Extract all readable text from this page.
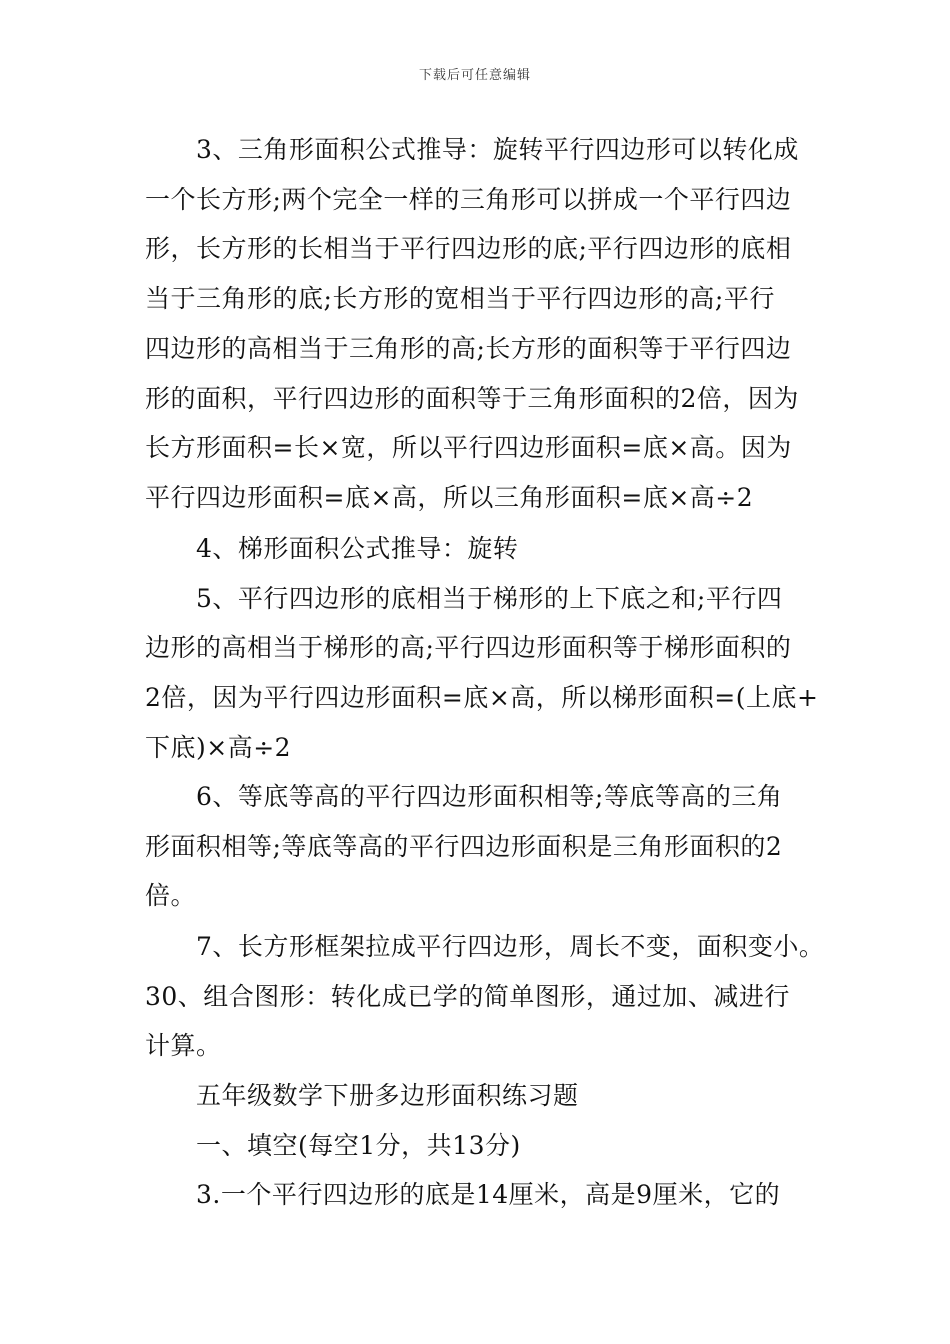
下载后可任意编辑
3、三角形面积公式推导：旋转平行四边形可以转化成
一个长方形;两个完全一样的三角形可以拼成一个平行四边
形，长方形的长相当于平行四边形的底;平行四边形的底相
当于三角形的底;长方形的宽相当于平行四边形的高;平行
四边形的高相当于三角形的高;长方形的面积等于平行四边
形的面积，平行四边形的面积等于三角形面积的2倍，因为
长方形面积=长×宽，所以平行四边形面积=底×高。因为
平行四边形面积=底×高，所以三角形面积=底×高÷2
4、梯形面积公式推导：旋转
5、平行四边形的底相当于梯形的上下底之和;平行四
边形的高相当于梯形的高;平行四边形面积等于梯形面积的
2倍，因为平行四边形面积=底×高，所以梯形面积=(上底+
下底)×高÷2
6、等底等高的平行四边形面积相等;等底等高的三角
形面积相等;等底等高的平行四边形面积是三角形面积的2
倍。
7、长方形框架拉成平行四边形，周长不变，面积变小。
30、组合图形：转化成已学的简单图形，通过加、减进行
计算。
五年级数学下册多边形面积练习题
一、填空(每空1分，共13分)
3.一个平行四边形的底是14厘米，高是9厘米，它的
